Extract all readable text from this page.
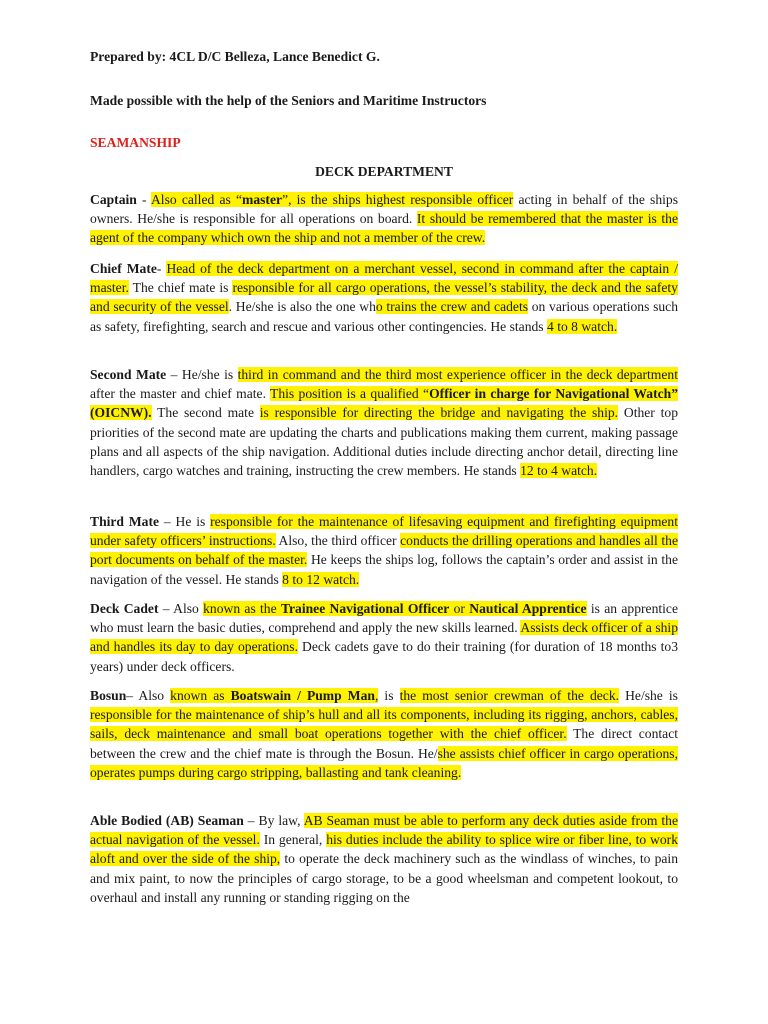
Prepared by: 4CL D/C Belleza, Lance Benedict G.
Made possible with the help of the Seniors and Maritime Instructors
SEAMANSHIP
DECK DEPARTMENT

Captain - Also called as “master”, is the ships highest responsible officer acting in behalf of the ships owners. He/she is responsible for all operations on board. It should be remembered that the master is the agent of the company which own the ship and not a member of the crew.

Chief Mate- Head of the deck department on a merchant vessel, second in command after the captain / master. The chief mate is responsible for all cargo operations, the vessel’s stability, the deck and the safety and security of the vessel. He/she is also the one who trains the crew and cadets on various operations such as safety, firefighting, search and rescue and various other contingencies. He stands 4 to 8 watch.

Second Mate – He/she is third in command and the third most experience officer in the deck department after the master and chief mate. This position is a qualified “Officer in charge for Navigational Watch” (OICNW). The second mate is responsible for directing the bridge and navigating the ship. Other top priorities of the second mate are updating the charts and publications making them current, making passage plans and all aspects of the ship navigation. Additional duties include directing anchor detail, directing line handlers, cargo watches and training, instructing the crew members. He stands 12 to 4 watch.

Third Mate – He is responsible for the maintenance of lifesaving equipment and firefighting equipment under safety officers’ instructions. Also, the third officer conducts the drilling operations and handles all the port documents on behalf of the master. He keeps the ships log, follows the captain’s order and assist in the navigation of the vessel. He stands 8 to 12 watch.

Deck Cadet – Also known as the Trainee Navigational Officer or Nautical Apprentice is an apprentice who must learn the basic duties, comprehend and apply the new skills learned. Assists deck officer of a ship and handles its day to day operations. Deck cadets gave to do their training (for duration of 18 months to3 years) under deck officers.

Bosun– Also known as Boatswain / Pump Man, is the most senior crewman of the deck. He/she is responsible for the maintenance of ship’s hull and all its components, including its rigging, anchors, cables, sails, deck maintenance and small boat operations together with the chief officer. The direct contact between the crew and the chief mate is through the Bosun. He/she assists chief officer in cargo operations, operates pumps during cargo stripping, ballasting and tank cleaning.

Able Bodied (AB) Seaman – By law, AB Seaman must be able to perform any deck duties aside from the actual navigation of the vessel. In general, his duties include the ability to splice wire or fiber line, to work aloft and over the side of the ship, to operate the deck machinery such as the windlass of winches, to pain and mix paint, to now the principles of cargo storage, to be a good wheelsman and competent lookout, to overhaul and install any running or standing rigging on the
